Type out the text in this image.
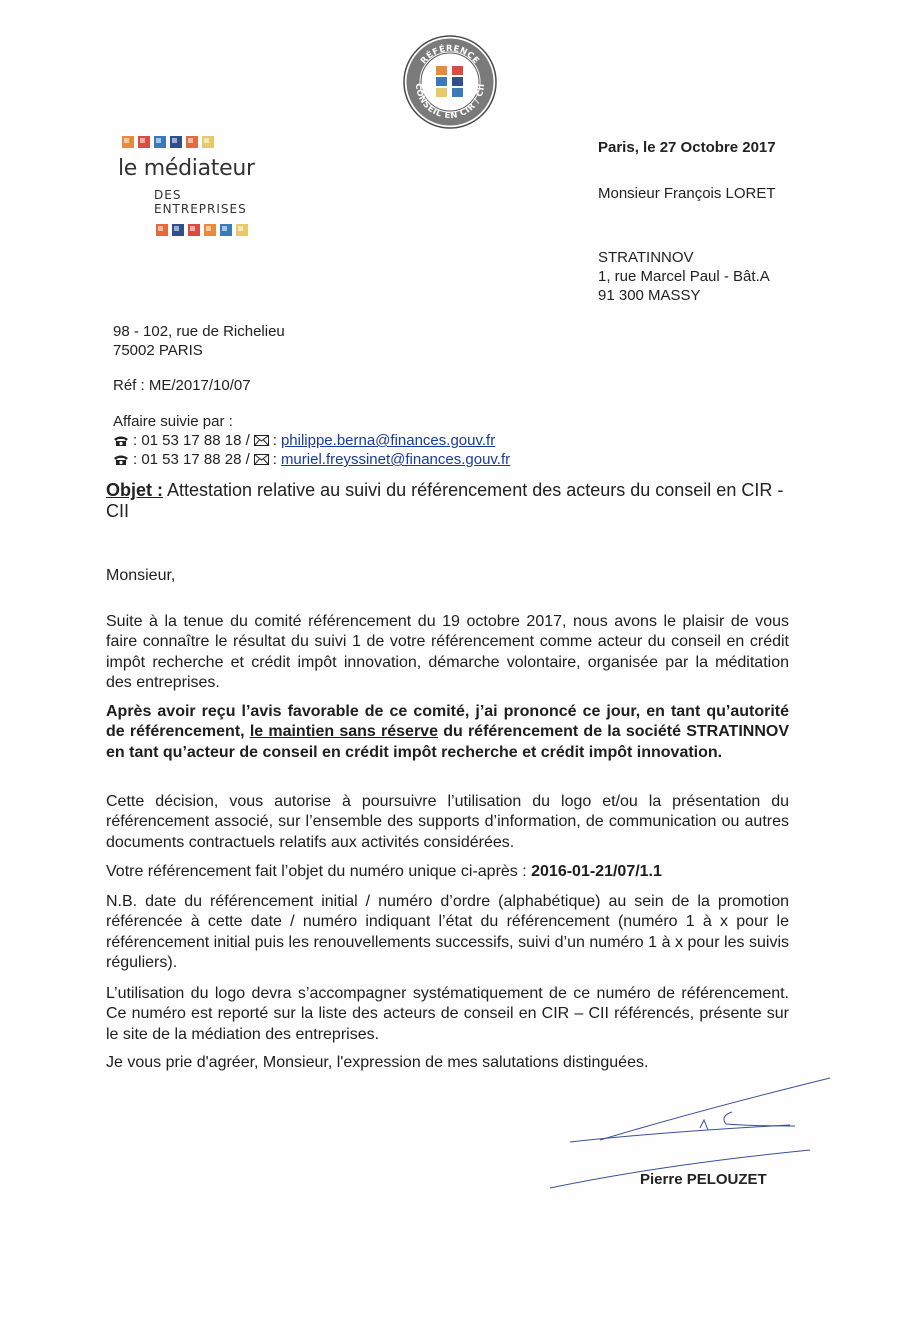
RÉFÉRENCE
CONSEIL EN CIR / CII
le médiateur
DES ENTREPRISES
Paris, le 27 Octobre 2017
Monsieur François LORET
STRATINNOV
1, rue Marcel Paul - Bât.A
91 300 MASSY
98 - 102, rue de Richelieu
75002 PARIS
Réf : ME/2017/10/07
Affaire suivie par :
: 01 53 17 88 18 / : philippe.berna@finances.gouv.fr
: 01 53 17 88 28 / : muriel.freyssinet@finances.gouv.fr
Objet : Attestation relative au suivi du référencement des acteurs du conseil en CIR - CII
Monsieur,
Suite à la tenue du comité référencement du 19 octobre 2017, nous avons le plaisir de vous faire connaître le résultat du suivi 1 de votre référencement comme acteur du conseil en crédit impôt recherche et crédit impôt innovation, démarche volontaire, organisée par la méditation des entreprises.
Après avoir reçu l’avis favorable de ce comité, j’ai prononcé ce jour, en tant qu’autorité de référencement, le maintien sans réserve du référencement de la société STRATINNOV en tant qu’acteur de conseil en crédit impôt recherche et crédit impôt innovation.
Cette décision, vous autorise à poursuivre l’utilisation du logo et/ou la présentation du référencement associé, sur l’ensemble des supports d’information, de communication ou autres documents contractuels relatifs aux activités considérées.
Votre référencement fait l’objet du numéro unique ci-après : 2016-01-21/07/1.1
N.B. date du référencement initial / numéro d’ordre (alphabétique) au sein de la promotion référencée à cette date / numéro indiquant l’état du référencement (numéro 1 à x pour le référencement initial puis les renouvellements successifs, suivi d’un numéro 1 à x pour les suivis réguliers).
L’utilisation du logo devra s’accompagner systématiquement de ce numéro de référencement. Ce numéro est reporté sur la liste des acteurs de conseil en CIR – CII référencés, présente sur le site de la médiation des entreprises.
Je vous prie d'agréer, Monsieur, l'expression de mes salutations distinguées.
Pierre PELOUZET
